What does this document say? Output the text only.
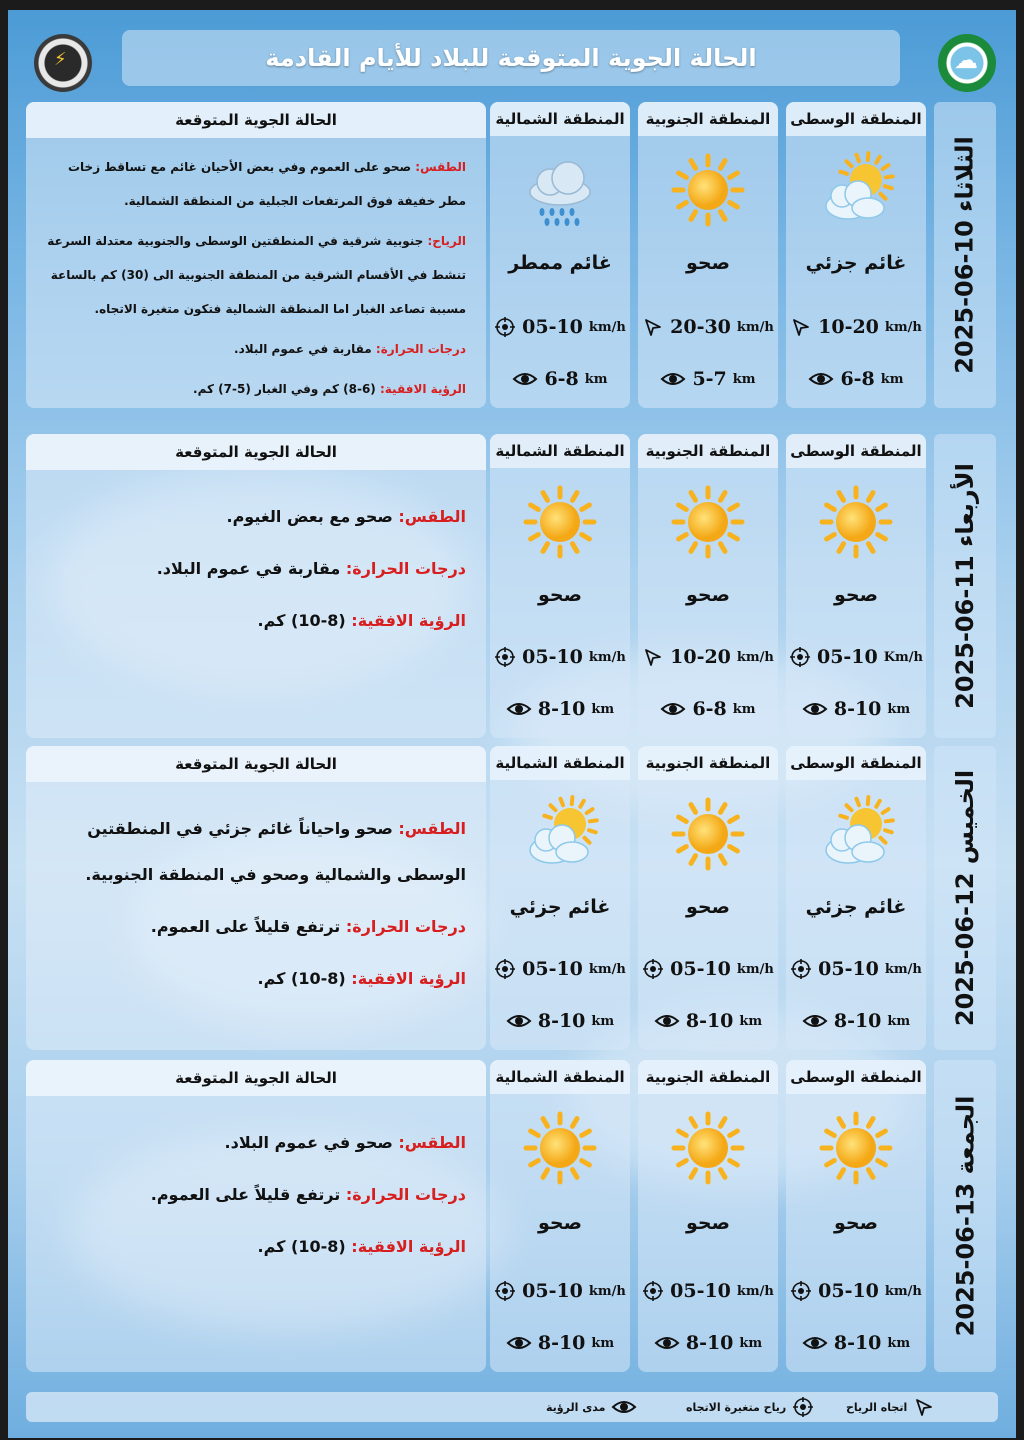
⚡
☁
الحالة الجوية المتوقعة للبلاد للأيام القادمة
الثلاثاء 10-06-2025
المنطقة الوسطى
غائم جزئي
10-20 km/h
6-8 km
المنطقة الجنوبية
صحو
20-30 km/h
5-7 km
المنطقة الشمالية
غائم ممطر
05-10 km/h
6-8 km
الحالة الجوية المتوقعة

الطقس: صحو على العموم وفي بعض الأحيان غائم مع تساقط زخات مطر خفيفة فوق المرتفعات الجبلية من المنطقة الشمالية.

الرياح: جنوبية شرقية في المنطقتين الوسطى والجنوبية معتدلة السرعة تنشط في الأقسام الشرقية من المنطقة الجنوبية الى (30) كم بالساعة مسببة تصاعد الغبار اما المنطقة الشمالية فتكون متغيرة الاتجاه.

درجات الحرارة: مقاربة في عموم البلاد.

الرؤية الافقية: (6-8) كم وفي الغبار (5-7) كم.

الأربعاء 11-06-2025
المنطقة الوسطى
صحو
05-10 Km/h
8-10 km
المنطقة الجنوبية
صحو
10-20 km/h
6-8 km
المنطقة الشمالية
صحو
05-10 km/h
8-10 km
الحالة الجوية المتوقعة

الطقس: صحو مع بعض الغيوم.

درجات الحرارة: مقاربة في عموم البلاد.

الرؤية الافقية: (8-10) كم.

الخميس 12-06-2025
المنطقة الوسطى
غائم جزئي
05-10 km/h
8-10 km
المنطقة الجنوبية
صحو
05-10 km/h
8-10 km
المنطقة الشمالية
غائم جزئي
05-10 km/h
8-10 km
الحالة الجوية المتوقعة

الطقس: صحو واحياناً غائم جزئي في المنطقتين الوسطى والشمالية وصحو في المنطقة الجنوبية.

درجات الحرارة: ترتفع قليلاً على العموم.

الرؤية الافقية: (8-10) كم.

الجمعة 13-06-2025
المنطقة الوسطى
صحو
05-10 km/h
8-10 km
المنطقة الجنوبية
صحو
05-10 km/h
8-10 km
المنطقة الشمالية
صحو
05-10 km/h
8-10 km
الحالة الجوية المتوقعة

الطقس: صحو في عموم البلاد.

درجات الحرارة: ترتفع قليلاً على العموم.

الرؤية الافقية: (8-10) كم.

اتجاه الرياح
رياح متغيرة الاتجاه
مدى الرؤية
